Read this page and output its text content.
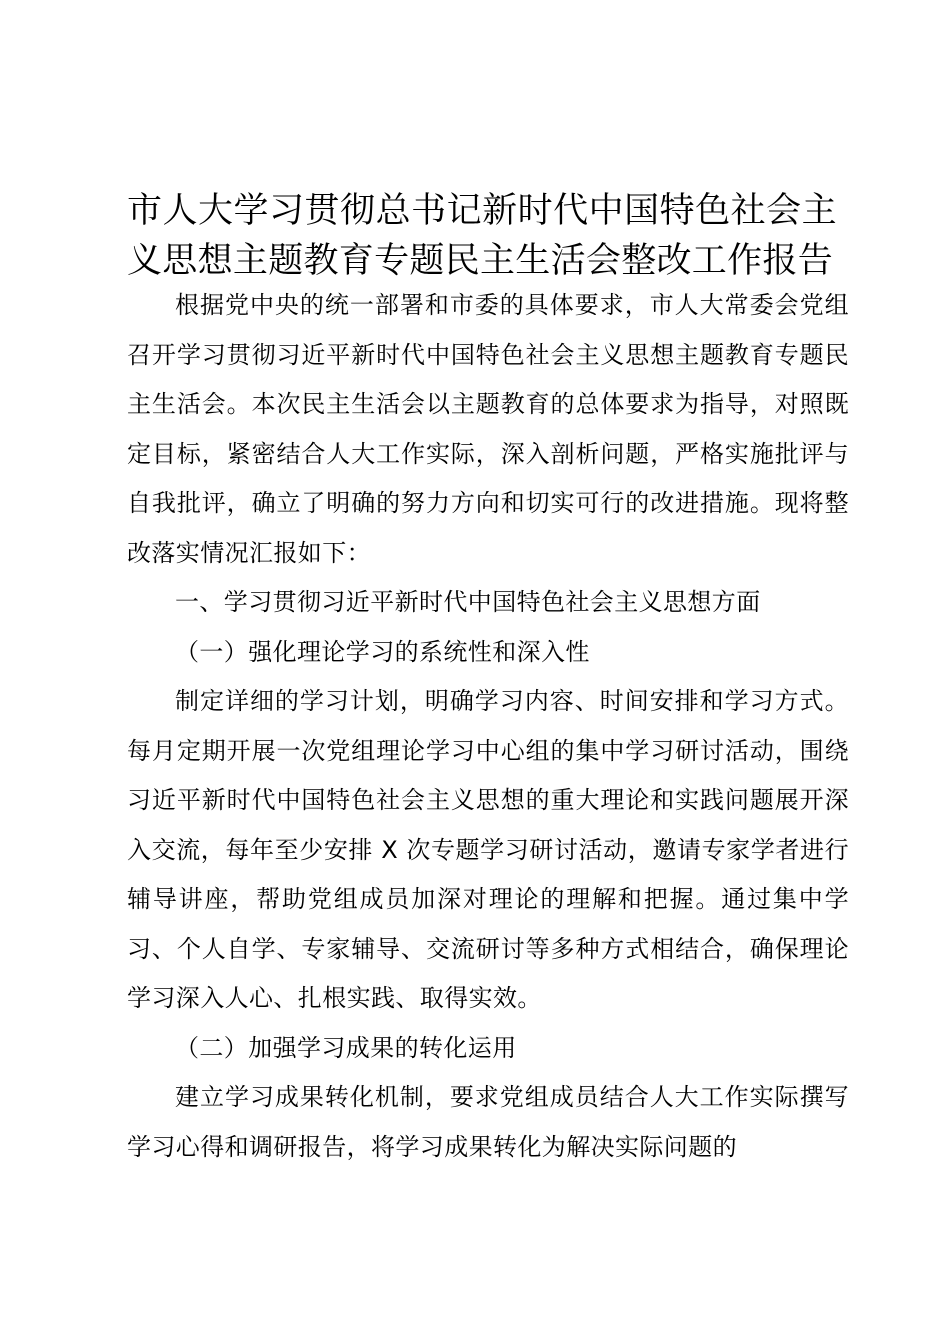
市人大学习贯彻总书记新时代中国特色社会主义思想主题教育专题民主生活会整改工作报告

根据党中央的统一部署和市委的具体要求，市人大常委会党组召开学习贯彻习近平新时代中国特色社会主义思想主题教育专题民主生活会。本次民主生活会以主题教育的总体要求为指导，对照既定目标，紧密结合人大工作实际，深入剖析问题，严格实施批评与自我批评，确立了明确的努力方向和切实可行的改进措施。现将整改落实情况汇报如下：

一、学习贯彻习近平新时代中国特色社会主义思想方面

（一）强化理论学习的系统性和深入性

制定详细的学习计划，明确学习内容、时间安排和学习方式。每月定期开展一次党组理论学习中心组的集中学习研讨活动，围绕习近平新时代中国特色社会主义思想的重大理论和实践问题展开深入交流，每年至少安排 X 次专题学习研讨活动，邀请专家学者进行辅导讲座，帮助党组成员加深对理论的理解和把握。通过集中学习、个人自学、专家辅导、交流研讨等多种方式相结合，确保理论学习深入人心、扎根实践、取得实效。

（二）加强学习成果的转化运用

建立学习成果转化机制，要求党组成员结合人大工作实际撰写学习心得和调研报告，将学习成果转化为解决实际问题的
